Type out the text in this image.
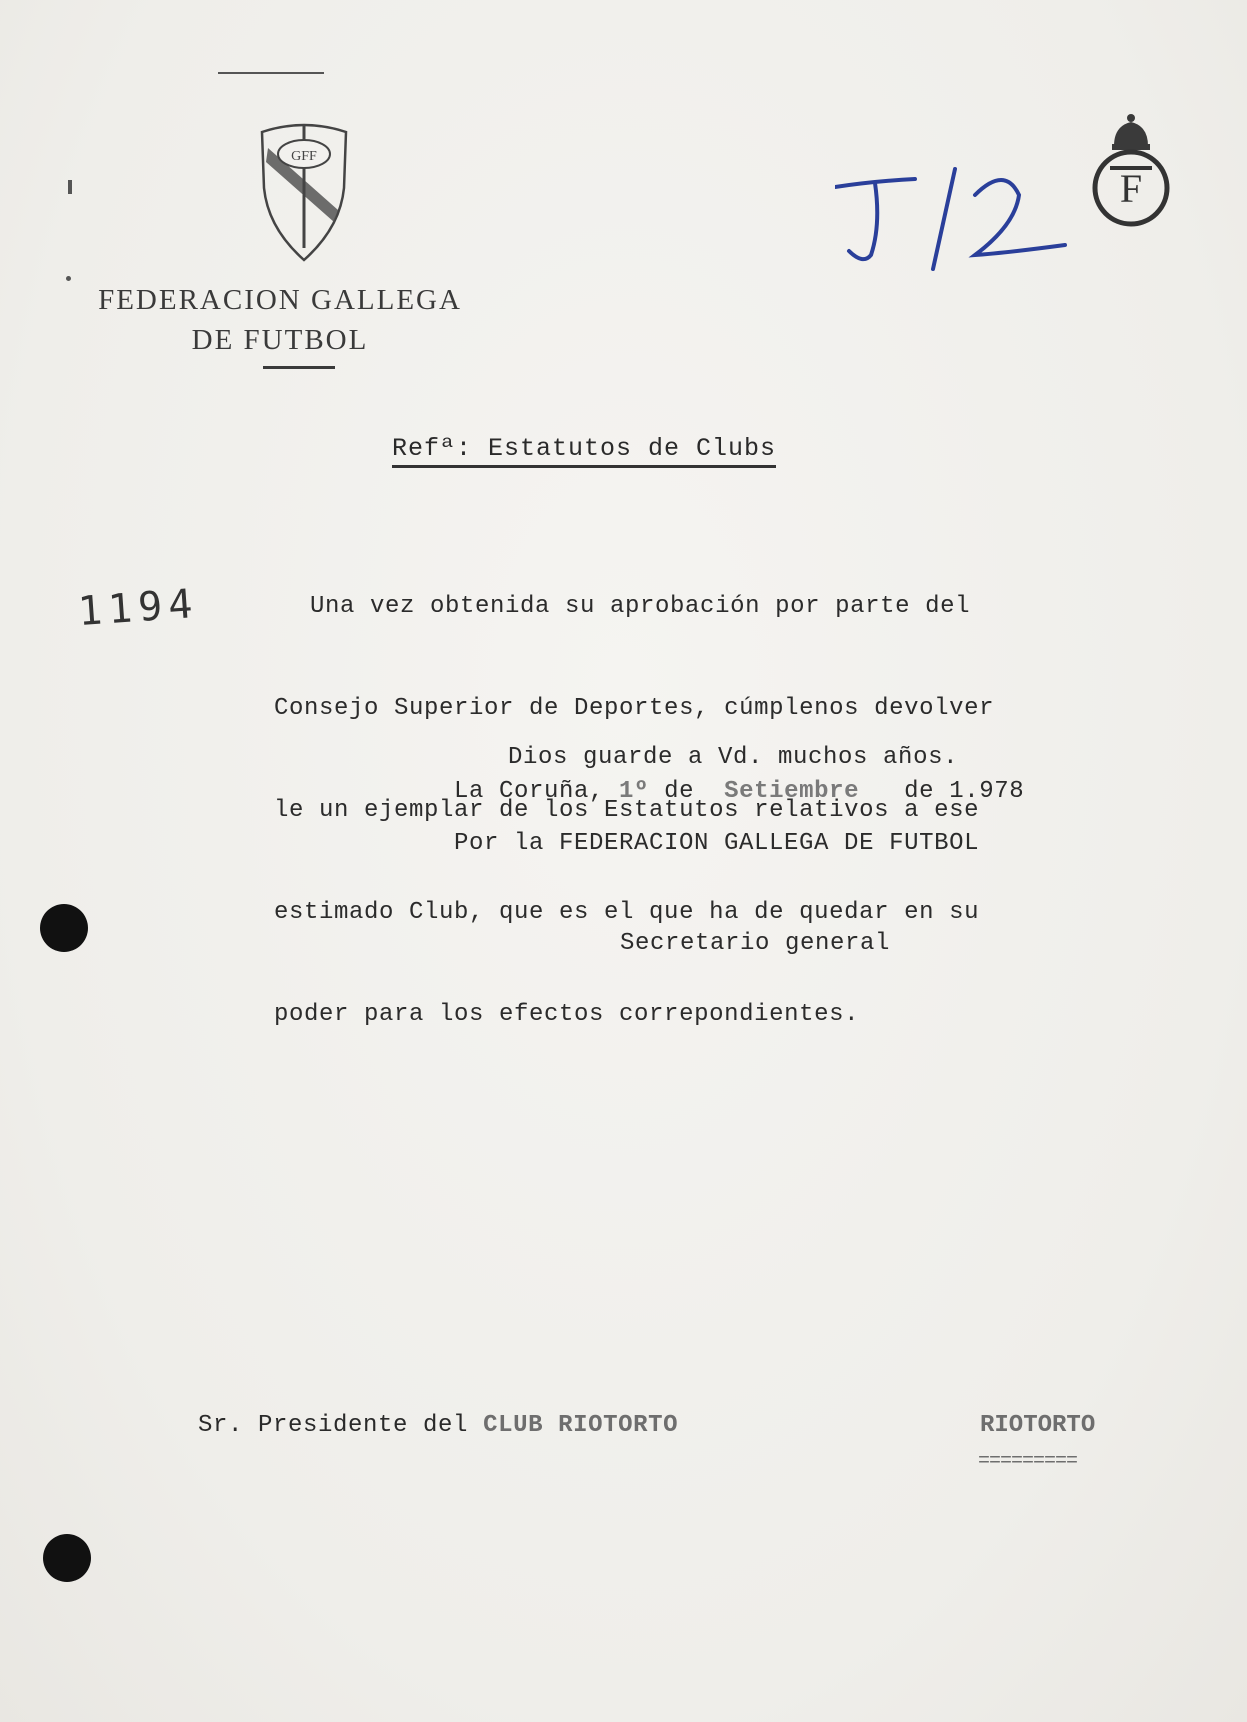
GFF
FEDERACION GALLEGA
DE FUTBOL
F
Refª: Estatutos de Clubs
1194

	Una vez obtenida su aprobación por parte del

Consejo Superior de Deportes, cúmplenos devolver

le un ejemplar de los Estatutos relativos a ese

estimado Club, que es el que ha de quedar en su

poder para los efectos correpondientes.

Dios guarde a Vd. muchos años.
La Coruña, 1º de Setiembre de 1.978
Por la FEDERACION GALLEGA DE FUTBOL
Secretario general
Sr. Presidente del CLUB RIOTORTO	RIOTORTO
=========
